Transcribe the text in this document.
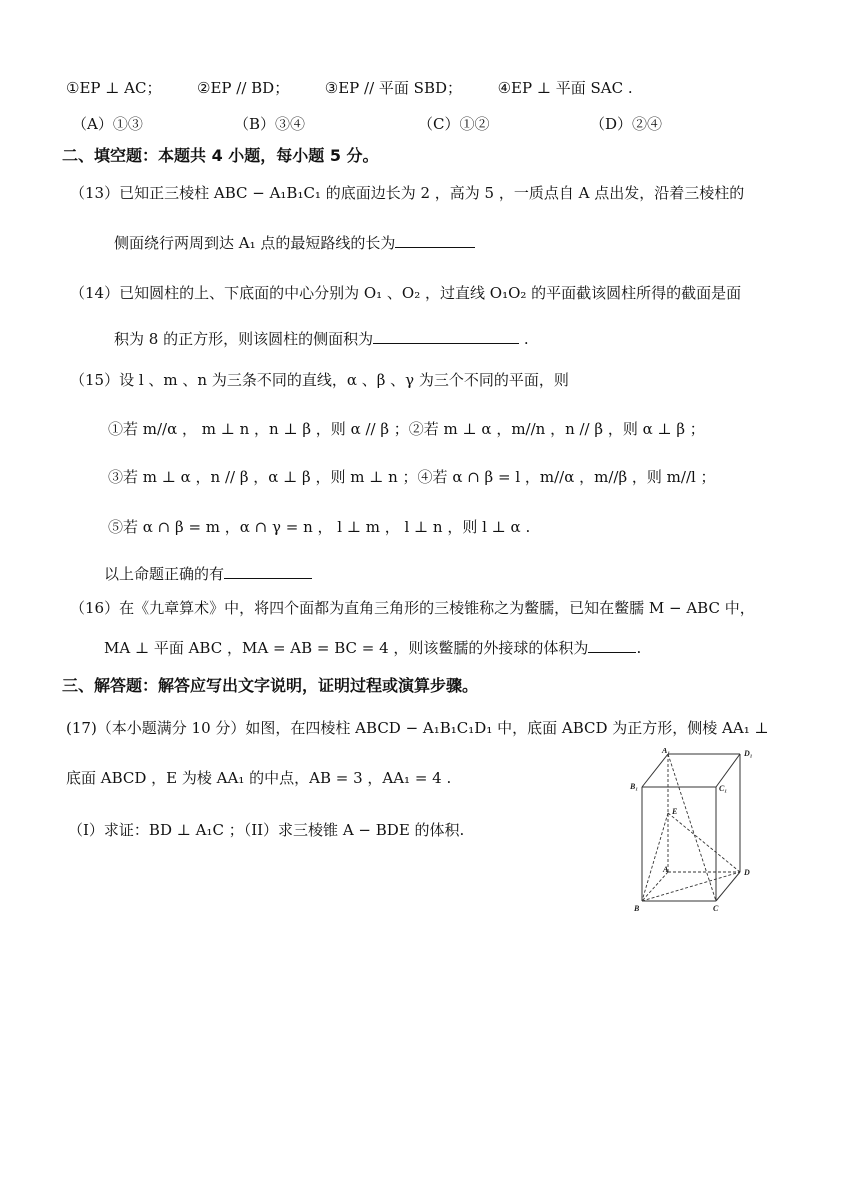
①EP ⊥ AC； ②EP // BD； ③EP // 平面 SBD； ④EP ⊥ 平面 SAC .
（A）①③	（B）③④	（C）①②	（D）②④
二、填空题：本题共 4 小题，每小题 5 分。
（13）已知正三棱柱 ABC − A₁B₁C₁ 的底面边长为 2 ，高为 5 ，一质点自 A 点出发，沿着三棱柱的
侧面绕行两周到达 A₁ 点的最短路线的长为
（14）已知圆柱的上、下底面的中心分别为 O₁ 、O₂ ，过直线 O₁O₂ 的平面截该圆柱所得的截面是面
积为 8 的正方形，则该圆柱的侧面积为	.
（15）设 l 、m 、n 为三条不同的直线，α 、β 、γ 为三个不同的平面，则
①若 m//α ， m ⊥ n ，n ⊥ β ，则 α // β ；②若 m ⊥ α ，m//n ，n // β ，则 α ⊥ β ；
③若 m ⊥ α ，n // β ，α ⊥ β ，则 m ⊥ n ；④若 α ∩ β = l ，m//α ，m//β ，则 m//l ；
⑤若 α ∩ β = m ，α ∩ γ = n ， l ⊥ m ， l ⊥ n ，则 l ⊥ α .
以上命题正确的有
（16）在《九章算术》中，将四个面都为直角三角形的三棱锥称之为鳖臑，已知在鳖臑 M − ABC 中，
MA ⊥ 平面 ABC ，MA = AB = BC = 4 ，则该鳖臑的外接球的体积为	.
三、解答题：解答应写出文字说明，证明过程或演算步骤。
(17)（本小题满分 10 分）如图，在四棱柱 ABCD − A₁B₁C₁D₁ 中，底面 ABCD 为正方形，侧棱 AA₁ ⊥
底面 ABCD ，E 为棱 AA₁ 的中点，AB = 3 ，AA₁ = 4 .
（I）求证：BD ⊥ A₁C ；（II）求三棱锥 A − BDE 的体积.
A₁	D₁
B₁	C₁
E
A	D
B	C
